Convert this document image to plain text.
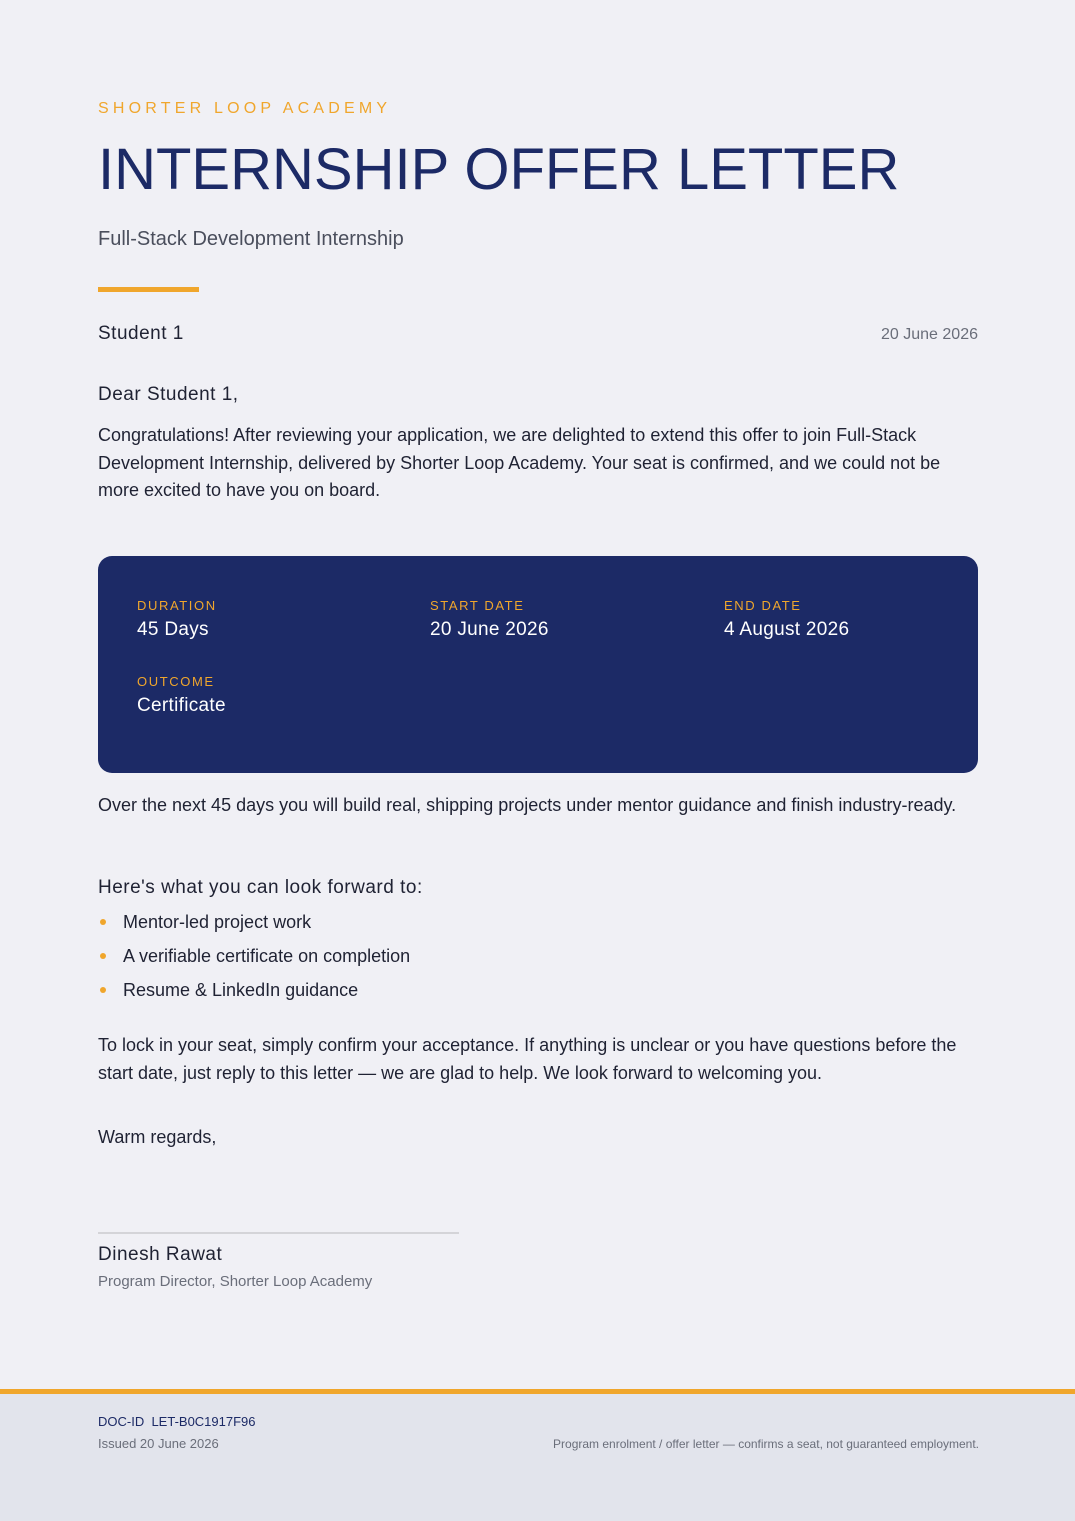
SHORTER LOOP ACADEMY
INTERNSHIP OFFER LETTER
Full-Stack Development Internship
Student 1	20 June 2026
Dear Student 1,

Congratulations! After reviewing your application, we are delighted to extend this offer to join Full-Stack Development Internship, delivered by Shorter Loop Academy. Your seat is confirmed, and we could not be more excited to have you on board.

DURATION
45 Days
START DATE
20 June 2026
END DATE
4 August 2026
OUTCOME
Certificate

Over the next 45 days you will build real, shipping projects under mentor guidance and finish industry-ready.

Here's what you can look forward to:
Mentor-led project work
A verifiable certificate on completion
Resume & LinkedIn guidance

To lock in your seat, simply confirm your acceptance. If anything is unclear or you have questions before the start date, just reply to this letter — we are glad to help. We look forward to welcoming you.

Warm regards,
Dinesh Rawat
Program Director, Shorter Loop Academy
DOC-ID  LET-B0C1917F96
Issued 20 June 2026	Program enrolment / offer letter — confirms a seat, not guaranteed employment.
